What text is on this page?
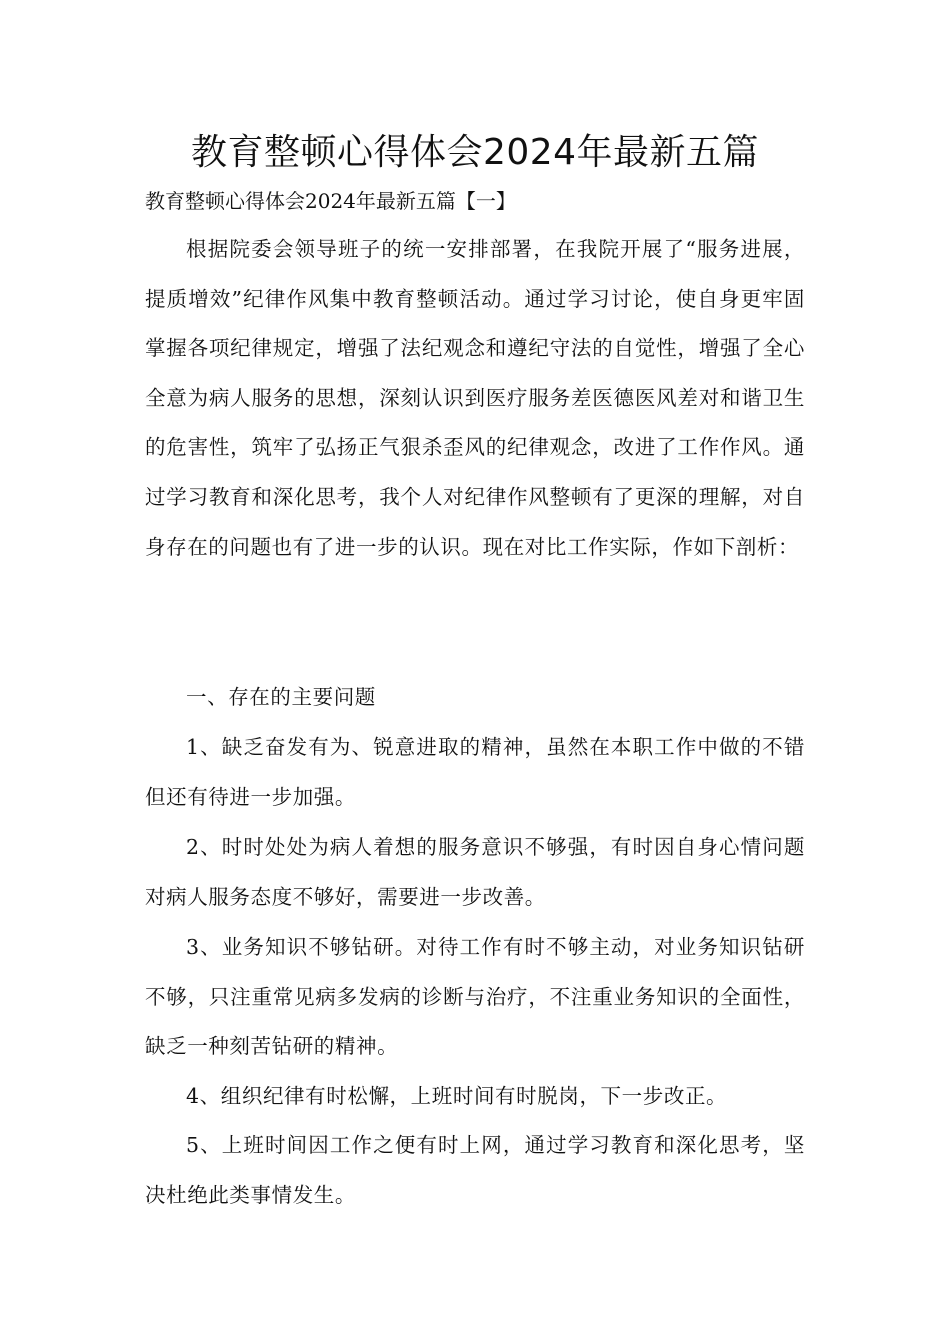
教育整顿心得体会2024年最新五篇
教育整顿心得体会2024年最新五篇【一】

根据院委会领导班子的统一安排部署，在我院开展了“服务进展，提质增效”纪律作风集中教育整顿活动。通过学习讨论，使自身更牢固掌握各项纪律规定，增强了法纪观念和遵纪守法的自觉性，增强了全心全意为病人服务的思想，深刻认识到医疗服务差医德医风差对和谐卫生的危害性，筑牢了弘扬正气狠杀歪风的纪律观念，改进了工作作风。通过学习教育和深化思考，我个人对纪律作风整顿有了更深的理解，对自身存在的问题也有了进一步的认识。现在对比工作实际，作如下剖析：

一、存在的主要问题

1、缺乏奋发有为、锐意进取的精神，虽然在本职工作中做的不错但还有待进一步加强。

2、时时处处为病人着想的服务意识不够强，有时因自身心情问题对病人服务态度不够好，需要进一步改善。

3、业务知识不够钻研。对待工作有时不够主动，对业务知识钻研不够，只注重常见病多发病的诊断与治疗，不注重业务知识的全面性，缺乏一种刻苦钻研的精神。

4、组织纪律有时松懈，上班时间有时脱岗，下一步改正。

5、上班时间因工作之便有时上网，通过学习教育和深化思考，坚决杜绝此类事情发生。
